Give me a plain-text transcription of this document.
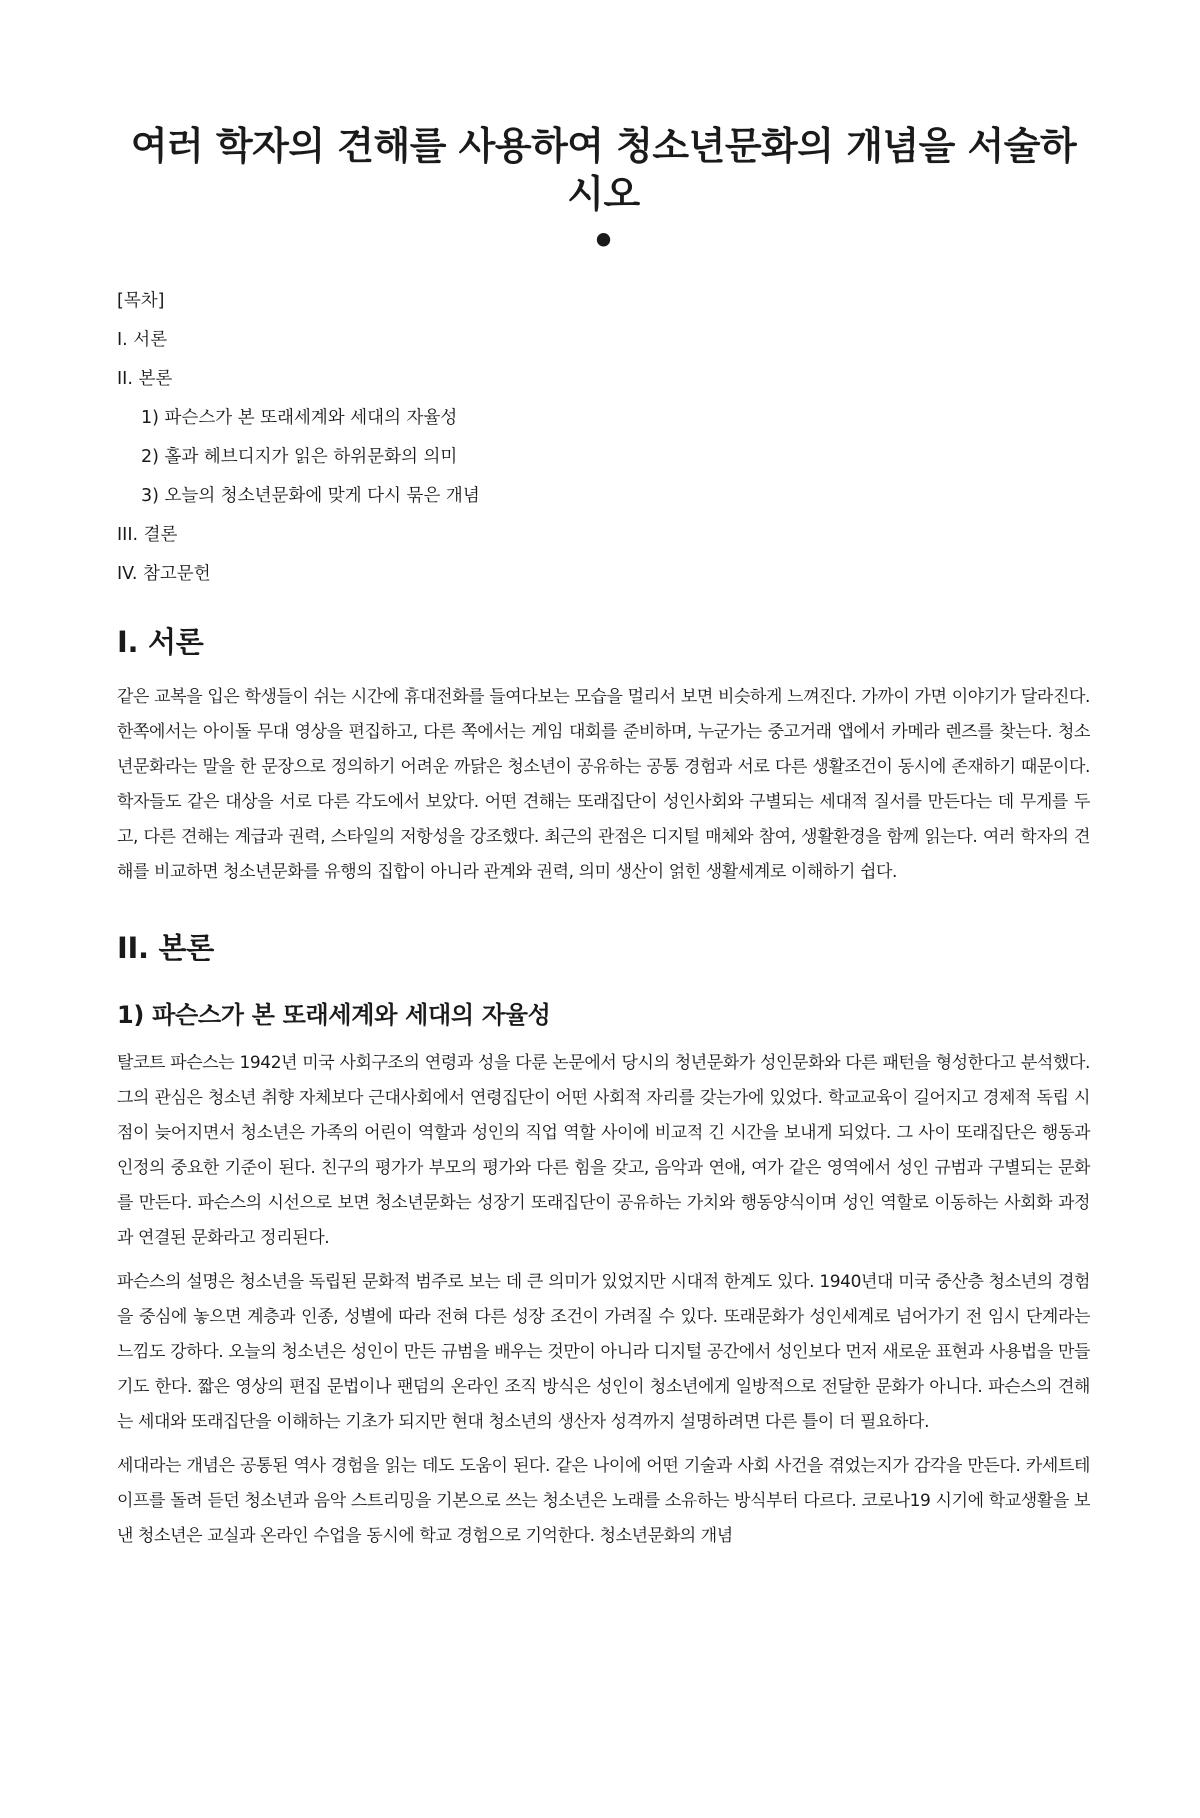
여러 학자의 견해를 사용하여 청소년문화의 개념을 서술하시오
•
[목차]
I. 서론
II. 본론
1) 파슨스가 본 또래세계와 세대의 자율성
2) 홀과 헤브디지가 읽은 하위문화의 의미
3) 오늘의 청소년문화에 맞게 다시 묶은 개념
III. 결론
IV. 참고문헌
I. 서론

같은 교복을 입은 학생들이 쉬는 시간에 휴대전화를 들여다보는 모습을 멀리서 보면 비슷하게 느껴진다. 가까이 가면 이야기가 달라진다. 한쪽에서는 아이돌 무대 영상을 편집하고, 다른 쪽에서는 게임 대회를 준비하며, 누군가는 중고거래 앱에서 카메라 렌즈를 찾는다. 청소년문화라는 말을 한 문장으로 정의하기 어려운 까닭은 청소년이 공유하는 공통 경험과 서로 다른 생활조건이 동시에 존재하기 때문이다. 학자들도 같은 대상을 서로 다른 각도에서 보았다. 어떤 견해는 또래집단이 성인사회와 구별되는 세대적 질서를 만든다는 데 무게를 두고, 다른 견해는 계급과 권력, 스타일의 저항성을 강조했다. 최근의 관점은 디지털 매체와 참여, 생활환경을 함께 읽는다. 여러 학자의 견해를 비교하면 청소년문화를 유행의 집합이 아니라 관계와 권력, 의미 생산이 얽힌 생활세계로 이해하기 쉽다.

II. 본론
1) 파슨스가 본 또래세계와 세대의 자율성

탈코트 파슨스는 1942년 미국 사회구조의 연령과 성을 다룬 논문에서 당시의 청년문화가 성인문화와 다른 패턴을 형성한다고 분석했다. 그의 관심은 청소년 취향 자체보다 근대사회에서 연령집단이 어떤 사회적 자리를 갖는가에 있었다. 학교교육이 길어지고 경제적 독립 시점이 늦어지면서 청소년은 가족의 어린이 역할과 성인의 직업 역할 사이에 비교적 긴 시간을 보내게 되었다. 그 사이 또래집단은 행동과 인정의 중요한 기준이 된다. 친구의 평가가 부모의 평가와 다른 힘을 갖고, 음악과 연애, 여가 같은 영역에서 성인 규범과 구별되는 문화를 만든다. 파슨스의 시선으로 보면 청소년문화는 성장기 또래집단이 공유하는 가치와 행동양식이며 성인 역할로 이동하는 사회화 과정과 연결된 문화라고 정리된다.

파슨스의 설명은 청소년을 독립된 문화적 범주로 보는 데 큰 의미가 있었지만 시대적 한계도 있다. 1940년대 미국 중산층 청소년의 경험을 중심에 놓으면 계층과 인종, 성별에 따라 전혀 다른 성장 조건이 가려질 수 있다. 또래문화가 성인세계로 넘어가기 전 임시 단계라는 느낌도 강하다. 오늘의 청소년은 성인이 만든 규범을 배우는 것만이 아니라 디지털 공간에서 성인보다 먼저 새로운 표현과 사용법을 만들기도 한다. 짧은 영상의 편집 문법이나 팬덤의 온라인 조직 방식은 성인이 청소년에게 일방적으로 전달한 문화가 아니다. 파슨스의 견해는 세대와 또래집단을 이해하는 기초가 되지만 현대 청소년의 생산자 성격까지 설명하려면 다른 틀이 더 필요하다.

세대라는 개념은 공통된 역사 경험을 읽는 데도 도움이 된다. 같은 나이에 어떤 기술과 사회 사건을 겪었는지가 감각을 만든다. 카세트테이프를 돌려 듣던 청소년과 음악 스트리밍을 기본으로 쓰는 청소년은 노래를 소유하는 방식부터 다르다. 코로나19 시기에 학교생활을 보낸 청소년은 교실과 온라인 수업을 동시에 학교 경험으로 기억한다. 청소년문화의 개념
